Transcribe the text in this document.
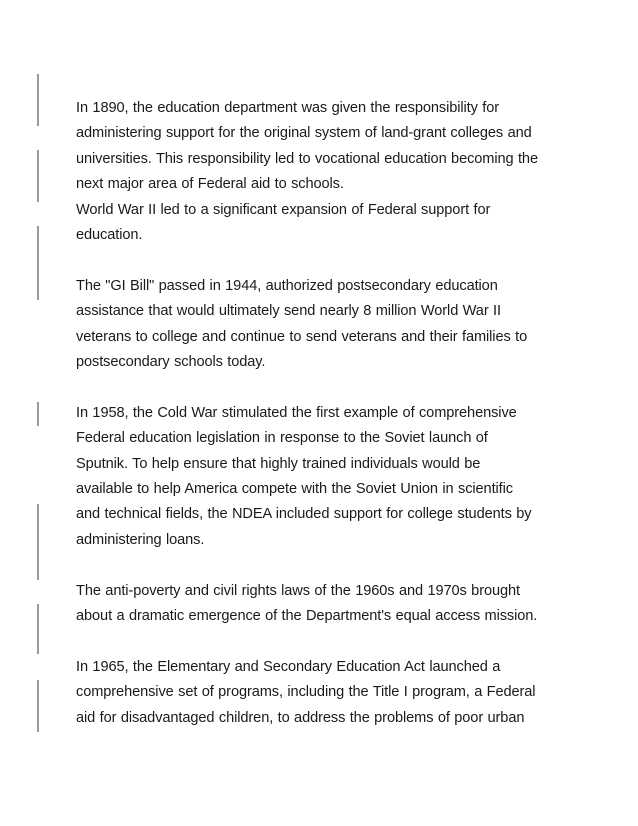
In 1890, the education department was given the responsibility for
administering support for the original system of land-grant colleges and
universities. This responsibility led to vocational education becoming the
next major area of Federal aid to schools.
World War II led to a significant expansion of Federal support for
education.
The "GI Bill" passed in 1944, authorized postsecondary education
assistance that would ultimately send nearly 8 million World War II
veterans to college and continue to send veterans and their families to
postsecondary schools today.
In 1958, the Cold War stimulated the first example of comprehensive
Federal education legislation in response to the Soviet launch of
Sputnik. To help ensure that highly trained individuals would be
available to help America compete with the Soviet Union in scientific
and technical fields, the NDEA included support for college students by
administering loans.
The anti-poverty and civil rights laws of the 1960s and 1970s brought
about a dramatic emergence of the Department's equal access mission.
In 1965, the Elementary and Secondary Education Act launched a
comprehensive set of programs, including the Title I program, a Federal
aid for disadvantaged children, to address the problems of poor urban
